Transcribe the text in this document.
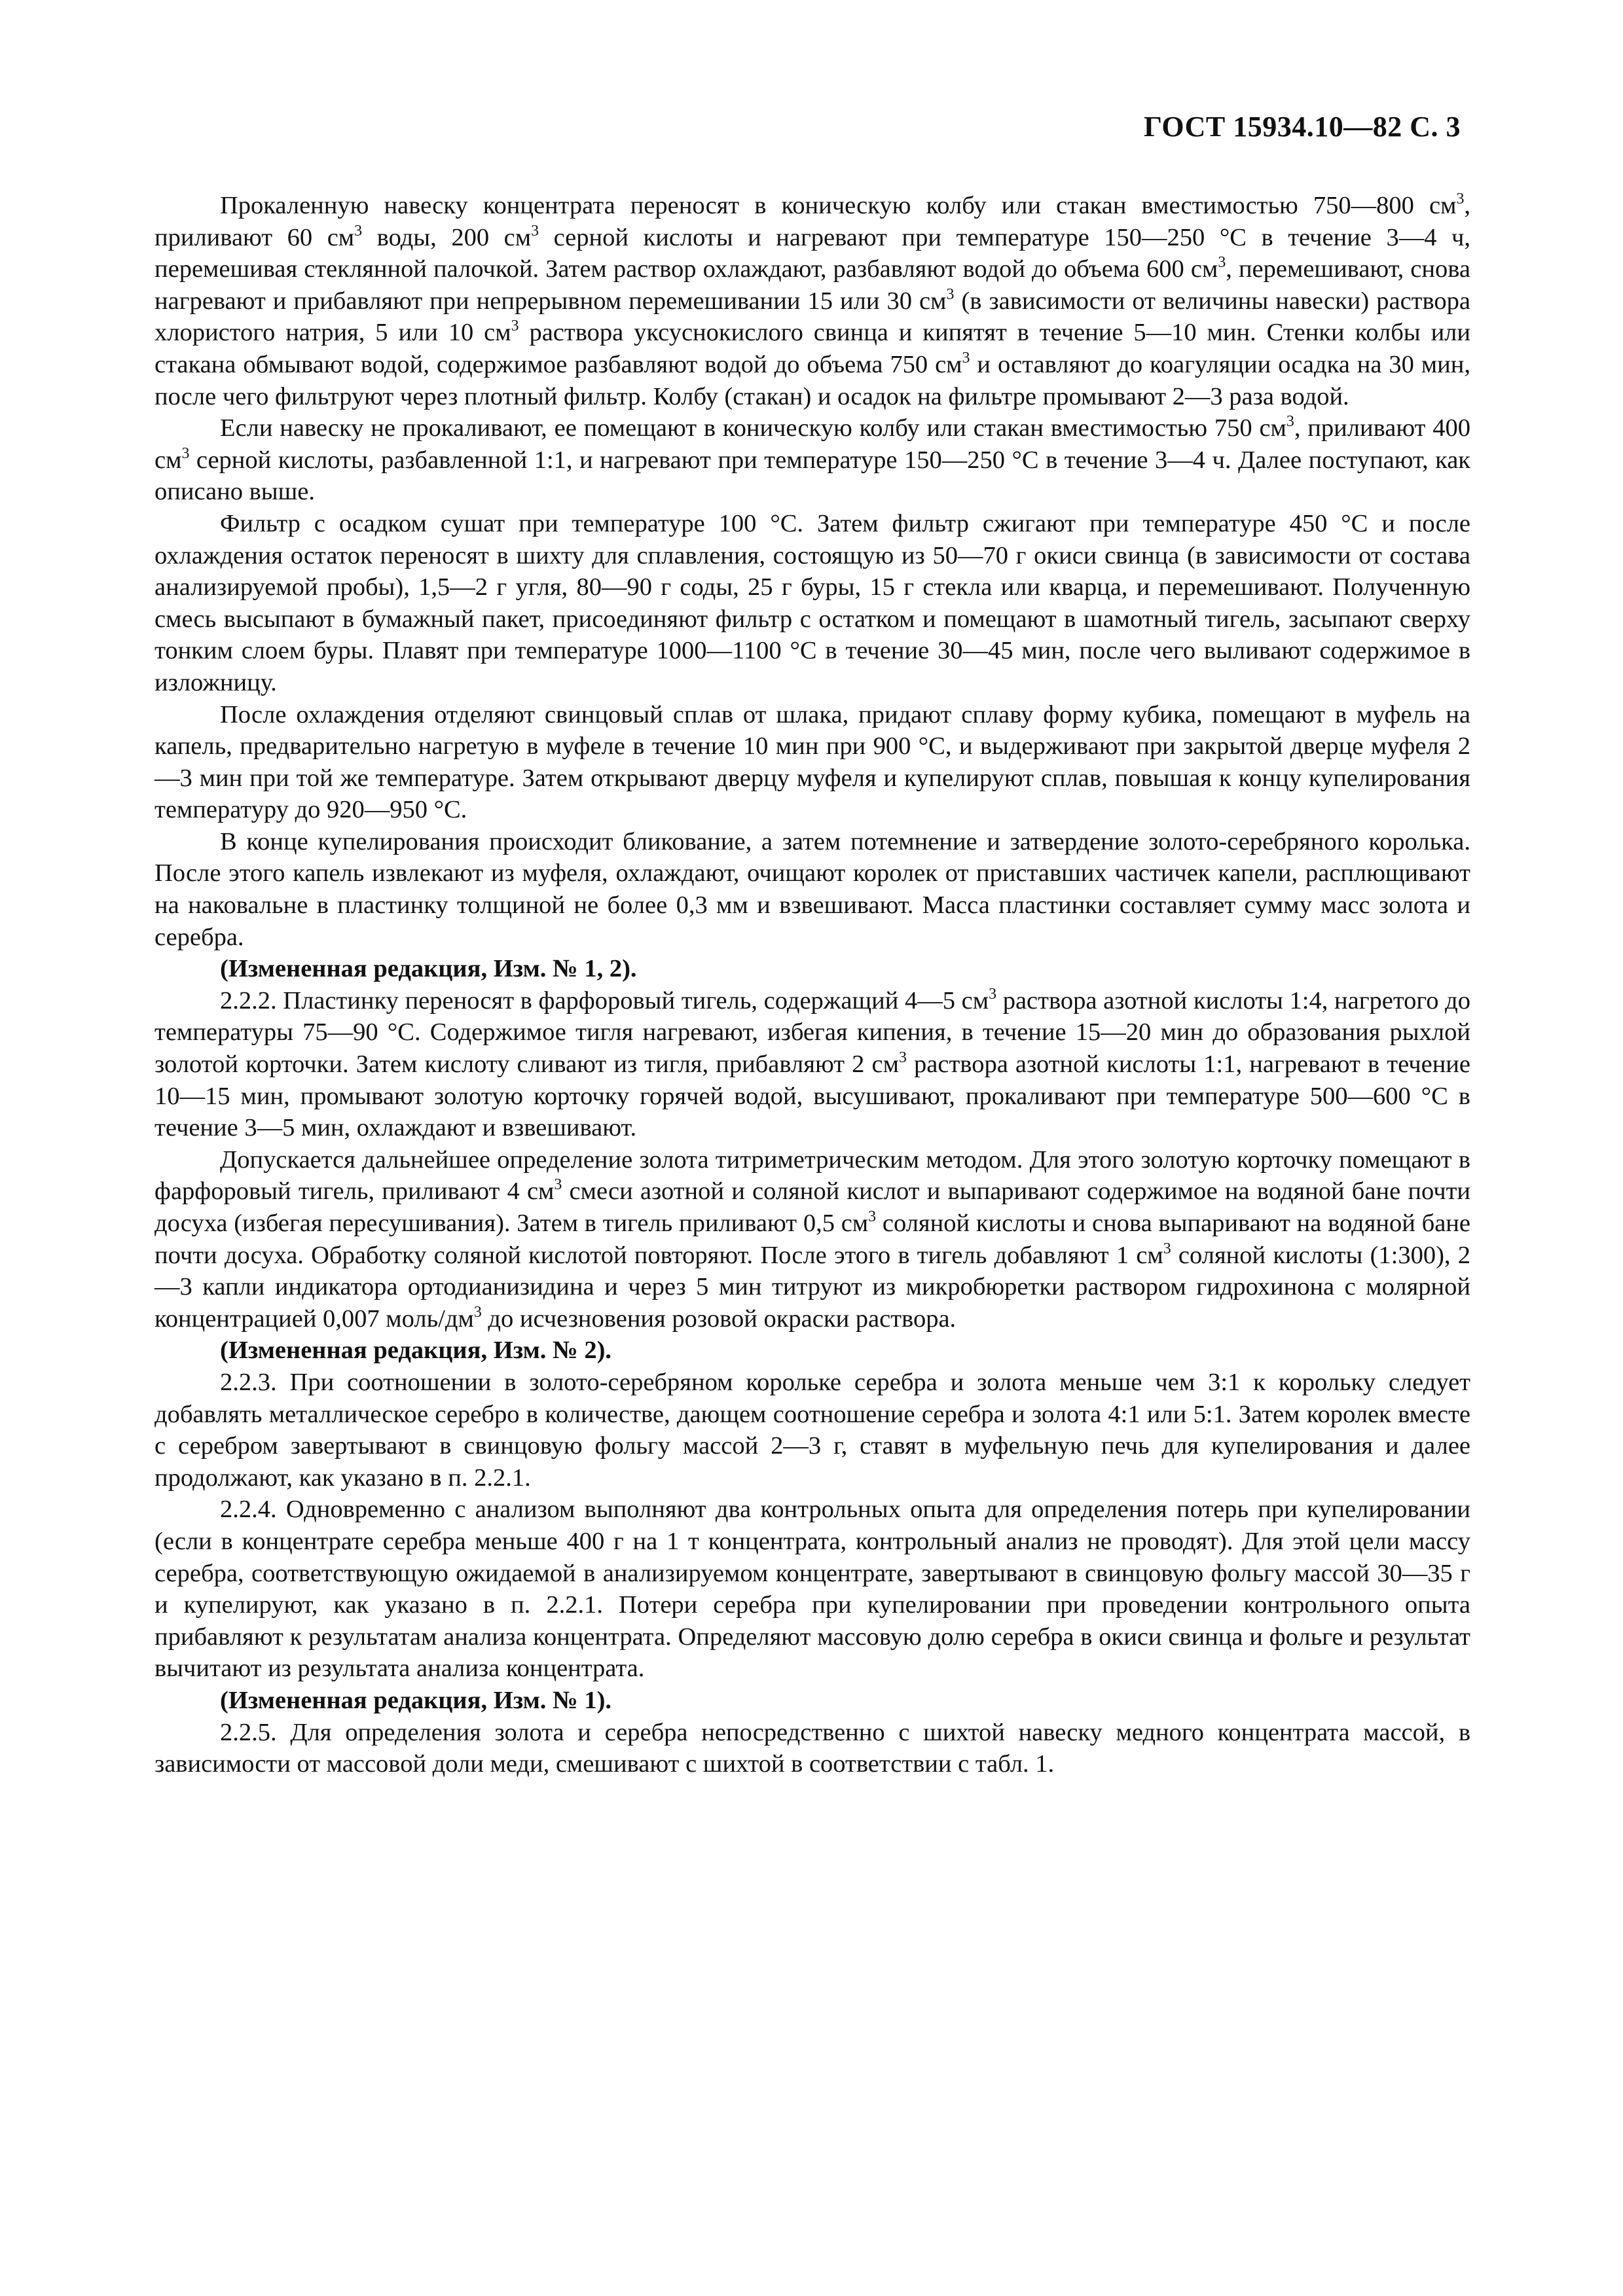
ГОСТ 15934.10—82 С. 3

Прокаленную навеску концентрата переносят в коническую колбу или стакан вместимостью 750—800 $см^3$, приливают 60 $см^3$ воды, 200 $см^3$ серной кислоты и нагревают при температуре 150—250 °С в течение 3—4 ч, перемешивая стеклянной палочкой. Затем раствор охлаждают, разбавляют водой до объема 600 $см^3$, перемешивают, снова нагревают и прибавляют при непрерывном перемешивании 15 или 30 $см^3$ (в зависимости от величины навески) раствора хлористого натрия, 5 или 10 $см^3$ раствора уксуснокислого свинца и кипятят в течение 5—10 мин. Стенки колбы или стакана обмывают водой, содержимое разбавляют водой до объема 750 $см^3$ и оставляют до коагуляции осадка на 30 мин, после чего фильтруют через плотный фильтр. Колбу (стакан) и осадок на фильтре промывают 2—3 раза водой.

Если навеску не прокаливают, ее помещают в коническую колбу или стакан вместимостью 750 $см^3$, приливают 400 $см^3$ серной кислоты, разбавленной 1:1, и нагревают при температуре 150—250 °С в течение 3—4 ч. Далее поступают, как описано выше.

Фильтр с осадком сушат при температуре 100 °С. Затем фильтр сжигают при температуре 450 °С и после охлаждения остаток переносят в шихту для сплавления, состоящую из 50—70 г окиси свинца (в зависимости от состава анализируемой пробы), 1,5—2 г угля, 80—90 г соды, 25 г буры, 15 г стекла или кварца, и перемешивают. Полученную смесь высыпают в бумажный пакет, присоединяют фильтр с остатком и помещают в шамотный тигель, засыпают сверху тонким слоем буры. Плавят при температуре 1000—1100 °С в течение 30—45 мин, после чего выливают содержимое в изложницу.

После охлаждения отделяют свинцовый сплав от шлака, придают сплаву форму кубика, помещают в муфель на капель, предварительно нагретую в муфеле в течение 10 мин при 900 °С, и выдерживают при закрытой дверце муфеля 2—3 мин при той же температуре. Затем открывают дверцу муфеля и купелируют сплав, повышая к концу купелирования температуру до 920—950 °С.

В конце купелирования происходит бликование, а затем потемнение и затвердение золото-серебряного королька. После этого капель извлекают из муфеля, охлаждают, очищают королек от приставших частичек капели, расплющивают на наковальне в пластинку толщиной не более 0,3 мм и взвешивают. Масса пластинки составляет сумму масс золота и серебра.

(Измененная редакция, Изм. № 1, 2).

2.2.2. Пластинку переносят в фарфоровый тигель, содержащий 4—5 $см^3$ раствора азотной кислоты 1:4, нагретого до температуры 75—90 °С. Содержимое тигля нагревают, избегая кипения, в течение 15—20 мин до образования рыхлой золотой корточки. Затем кислоту сливают из тигля, прибавляют 2 $см^3$ раствора азотной кислоты 1:1, нагревают в течение 10—15 мин, промывают золотую корточку горячей водой, высушивают, прокаливают при температуре 500—600 °С в течение 3—5 мин, охлаждают и взвешивают.

Допускается дальнейшее определение золота титриметрическим методом. Для этого золотую корточку помещают в фарфоровый тигель, приливают 4 $см^3$ смеси азотной и соляной кислот и выпаривают содержимое на водяной бане почти досуха (избегая пересушивания). Затем в тигель приливают 0,5 $см^3$ соляной кислоты и снова выпаривают на водяной бане почти досуха. Обработку соляной кислотой повторяют. После этого в тигель добавляют 1 $см^3$ соляной кислоты (1:300), 2—3 капли индикатора ортодианизидина и через 5 мин титруют из микробюретки раствором гидрохинона с молярной концентрацией 0,007 моль/$дм^3$ до исчезновения розовой окраски раствора.

(Измененная редакция, Изм. № 2).

2.2.3. При соотношении в золото-серебряном корольке серебра и золота меньше чем 3:1 к корольку следует добавлять металлическое серебро в количестве, дающем соотношение серебра и золота 4:1 или 5:1. Затем королек вместе с серебром завертывают в свинцовую фольгу массой 2—3 г, ставят в муфельную печь для купелирования и далее продолжают, как указано в п. 2.2.1.

2.2.4. Одновременно с анализом выполняют два контрольных опыта для определения потерь при купелировании (если в концентрате серебра меньше 400 г на 1 т концентрата, контрольный анализ не проводят). Для этой цели массу серебра, соответствующую ожидаемой в анализируемом концентрате, завертывают в свинцовую фольгу массой 30—35 г и купелируют, как указано в п. 2.2.1. Потери серебра при купелировании при проведении контрольного опыта прибавляют к результатам анализа концентрата. Определяют массовую долю серебра в окиси свинца и фольге и результат вычитают из результата анализа концентрата.

(Измененная редакция, Изм. № 1).

2.2.5. Для определения золота и серебра непосредственно с шихтой навеску медного концентрата массой, в зависимости от массовой доли меди, смешивают с шихтой в соответствии с табл. 1.
